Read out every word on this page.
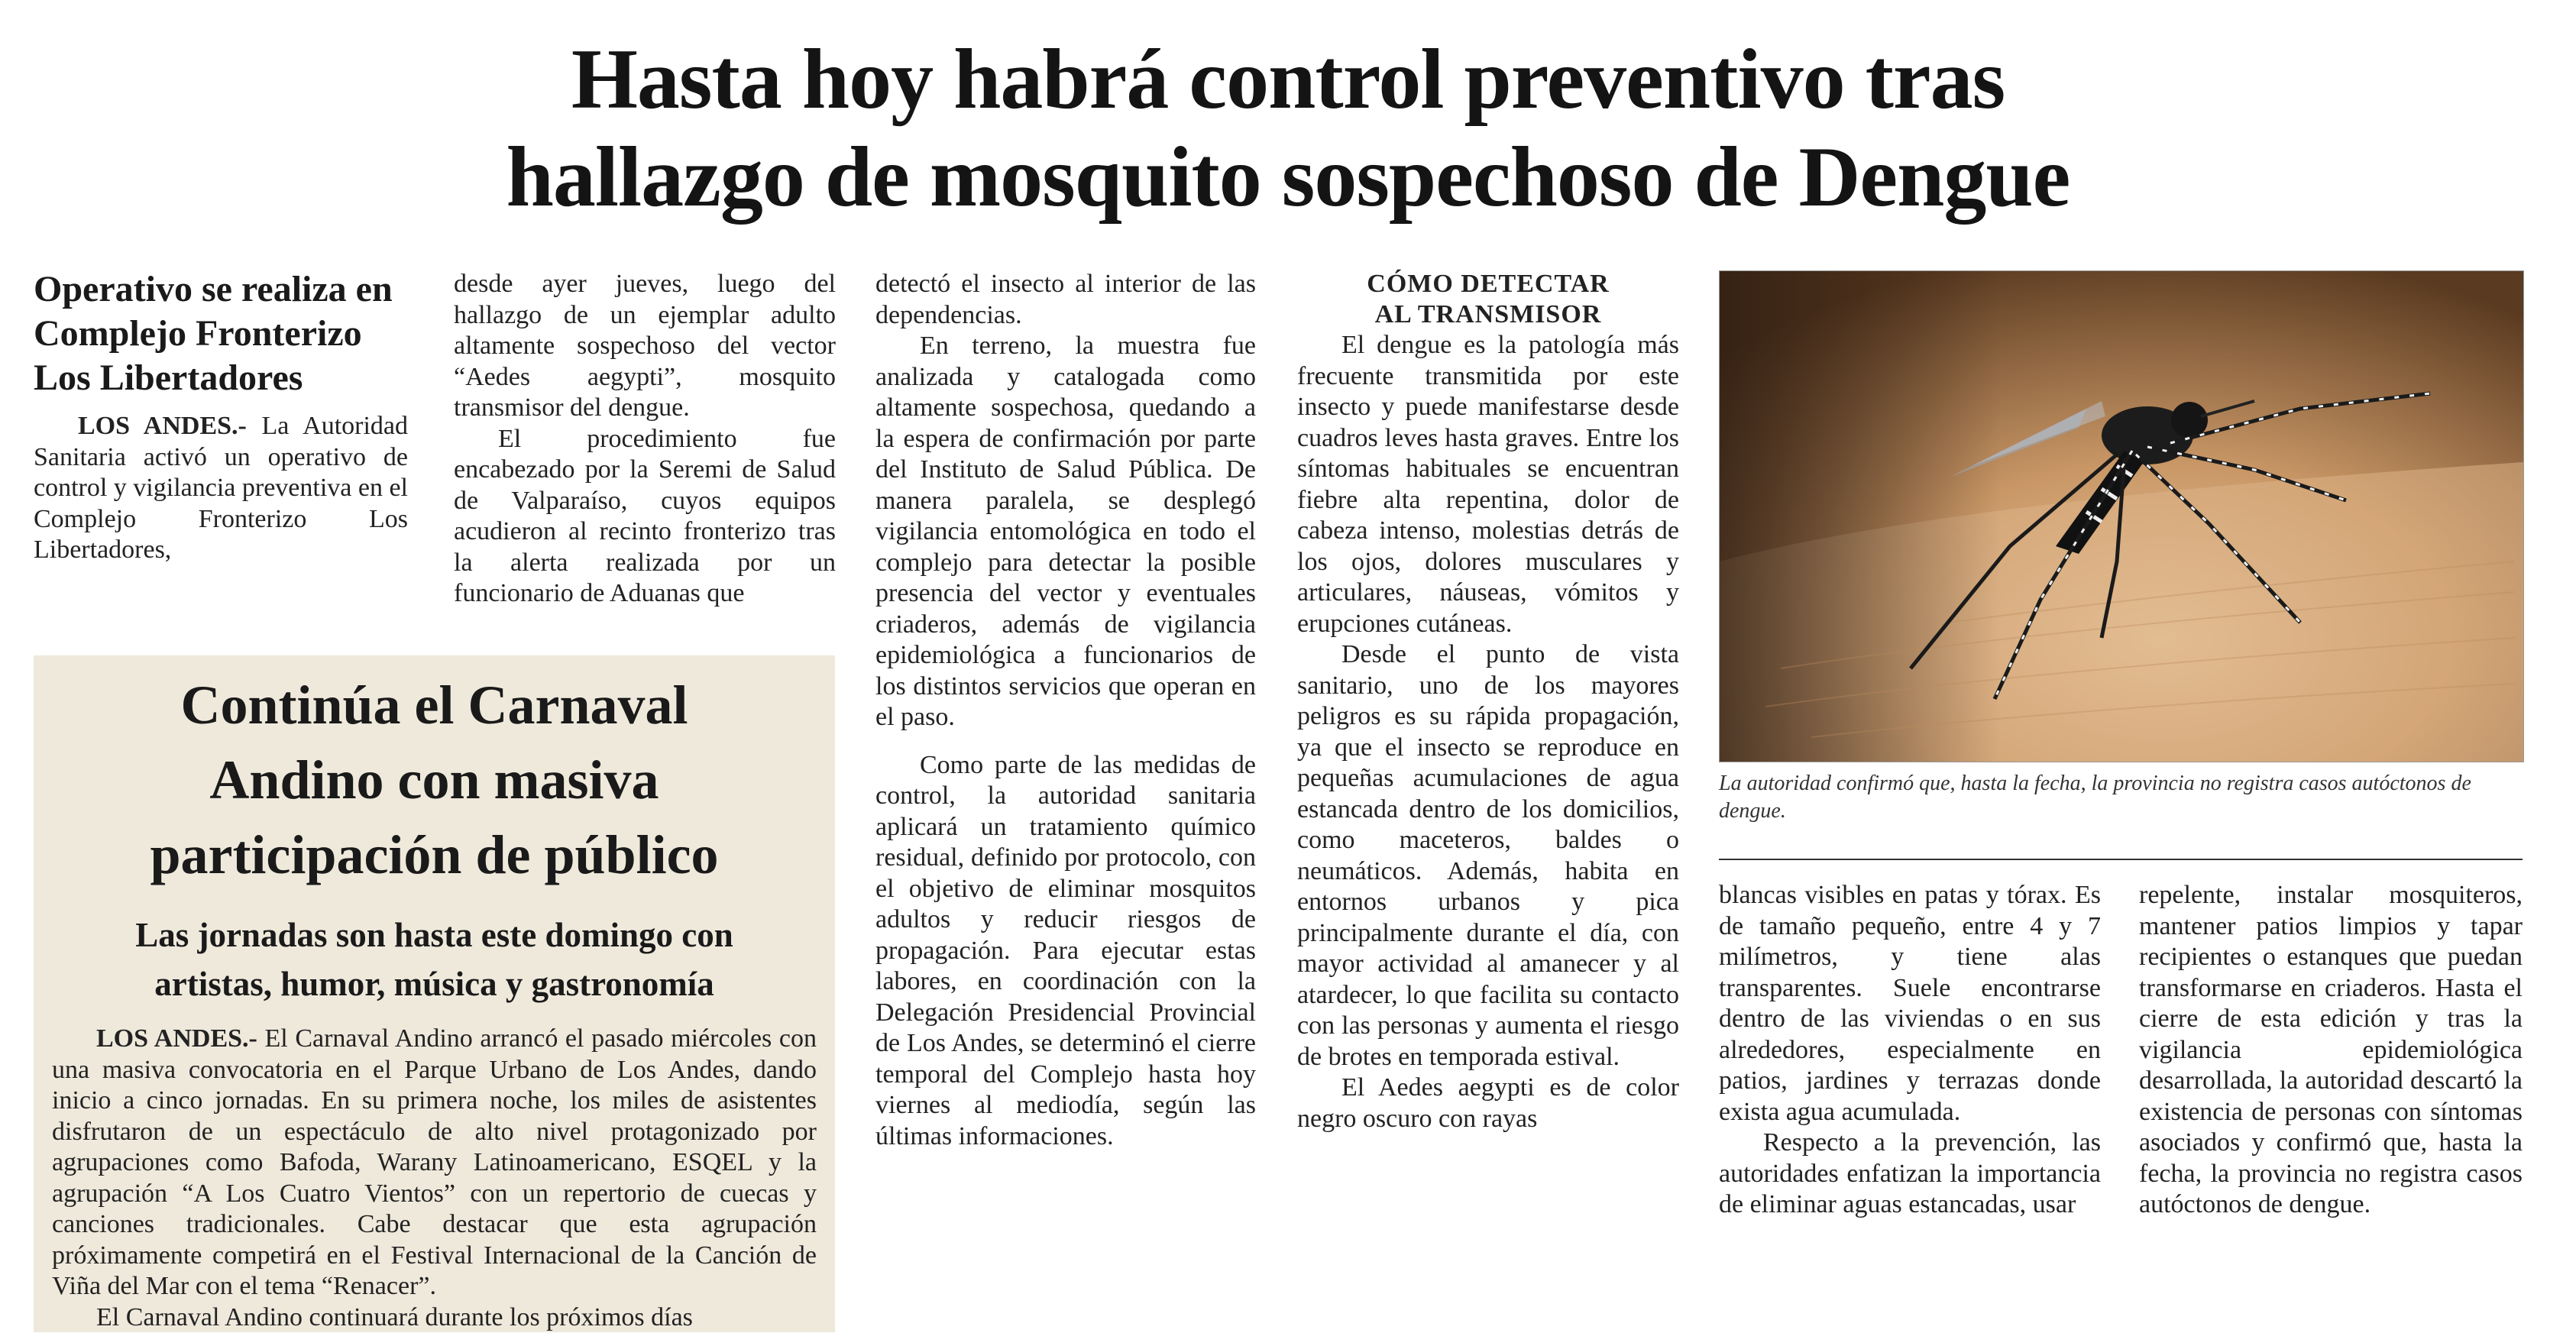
Hasta hoy habrá control preventivo tras
hallazgo de mosquito sospechoso de Dengue
Operativo se realiza en Complejo Fronterizo Los Libertadores

LOS ANDES.- La Autoridad Sanitaria activó un operativo de control y vigilancia preventiva en el Complejo Fronterizo Los Libertadores,

desde ayer jueves, luego del hallazgo de un ejemplar adulto altamente sospechoso del vector “Aedes aegypti”, mosquito transmisor del dengue.

El procedimiento fue encabezado por la Seremi de Salud de Valparaíso, cuyos equipos acudieron al recinto fronterizo tras la alerta realizada por un funcionario de Aduanas que

Continúa el Carnaval
Andino con masiva
participación de público
Las jornadas son hasta este domingo con
artistas, humor, música y gastronomía

LOS ANDES.- El Carnaval Andino arrancó el pasado miércoles con una masiva convocatoria en el Parque Urbano de Los Andes, dando inicio a cinco jornadas. En su primera noche, los miles de asistentes disfrutaron de un espectáculo de alto nivel protagonizado por agrupaciones como Bafoda, Warany Latinoamericano, ESQEL y la agrupación “A Los Cuatro Vientos” con un repertorio de cuecas y canciones tradicionales. Cabe destacar que esta agrupación próximamente competirá en el Festival Internacional de la Canción de Viña del Mar con el tema “Renacer”.

El Carnaval Andino continuará durante los próximos días

detectó el insecto al interior de las dependencias.

En terreno, la muestra fue analizada y catalogada como altamente sospechosa, quedando a la espera de confirmación por parte del Instituto de Salud Pública. De manera paralela, se desplegó vigilancia entomológica en todo el complejo para detectar la posible presencia del vector y eventuales criaderos, además de vigilancia epidemiológica a funcionarios de los distintos servicios que operan en el paso.

Como parte de las medidas de control, la autoridad sanitaria aplicará un tratamiento químico residual, definido por protocolo, con el objetivo de eliminar mosquitos adultos y reducir riesgos de propagación. Para ejecutar estas labores, en coordinación con la Delegación Presidencial Provincial de Los Andes, se determinó el cierre temporal del Complejo hasta hoy viernes al mediodía, según las últimas informaciones.

CÓMO DETECTAR
AL TRANSMISOR

El dengue es la patología más frecuente transmitida por este insecto y puede manifestarse desde cuadros leves hasta graves. Entre los síntomas habituales se encuentran fiebre alta repentina, dolor de cabeza intenso, molestias detrás de los ojos, dolores musculares y articulares, náuseas, vómitos y erupciones cutáneas.

Desde el punto de vista sanitario, uno de los mayores peligros es su rápida propagación, ya que el insecto se reproduce en pequeñas acumulaciones de agua estancada dentro de los domicilios, como maceteros, baldes o neumáticos. Además, habita en entornos urbanos y pica principalmente durante el día, con mayor actividad al amanecer y al atardecer, lo que facilita su contacto con las personas y aumenta el riesgo de brotes en temporada estival.

El Aedes aegypti es de color negro oscuro con rayas

La autoridad confirmó que, hasta la fecha, la provincia no registra casos autóctonos de dengue.

blancas visibles en patas y tórax. Es de tamaño pequeño, entre 4 y 7 milímetros, y tiene alas transparentes. Suele encontrarse dentro de las viviendas o en sus alrededores, especialmente en patios, jardines y terrazas donde exista agua acumulada.

Respecto a la prevención, las autoridades enfatizan la importancia de eliminar aguas estancadas, usar

repelente, instalar mosquiteros, mantener patios limpios y tapar recipientes o estanques que puedan transformarse en criaderos. Hasta el cierre de esta edición y tras la vigilancia epidemiológica desarrollada, la autoridad descartó la existencia de personas con síntomas asociados y confirmó que, hasta la fecha, la provincia no registra casos autóctonos de dengue.
